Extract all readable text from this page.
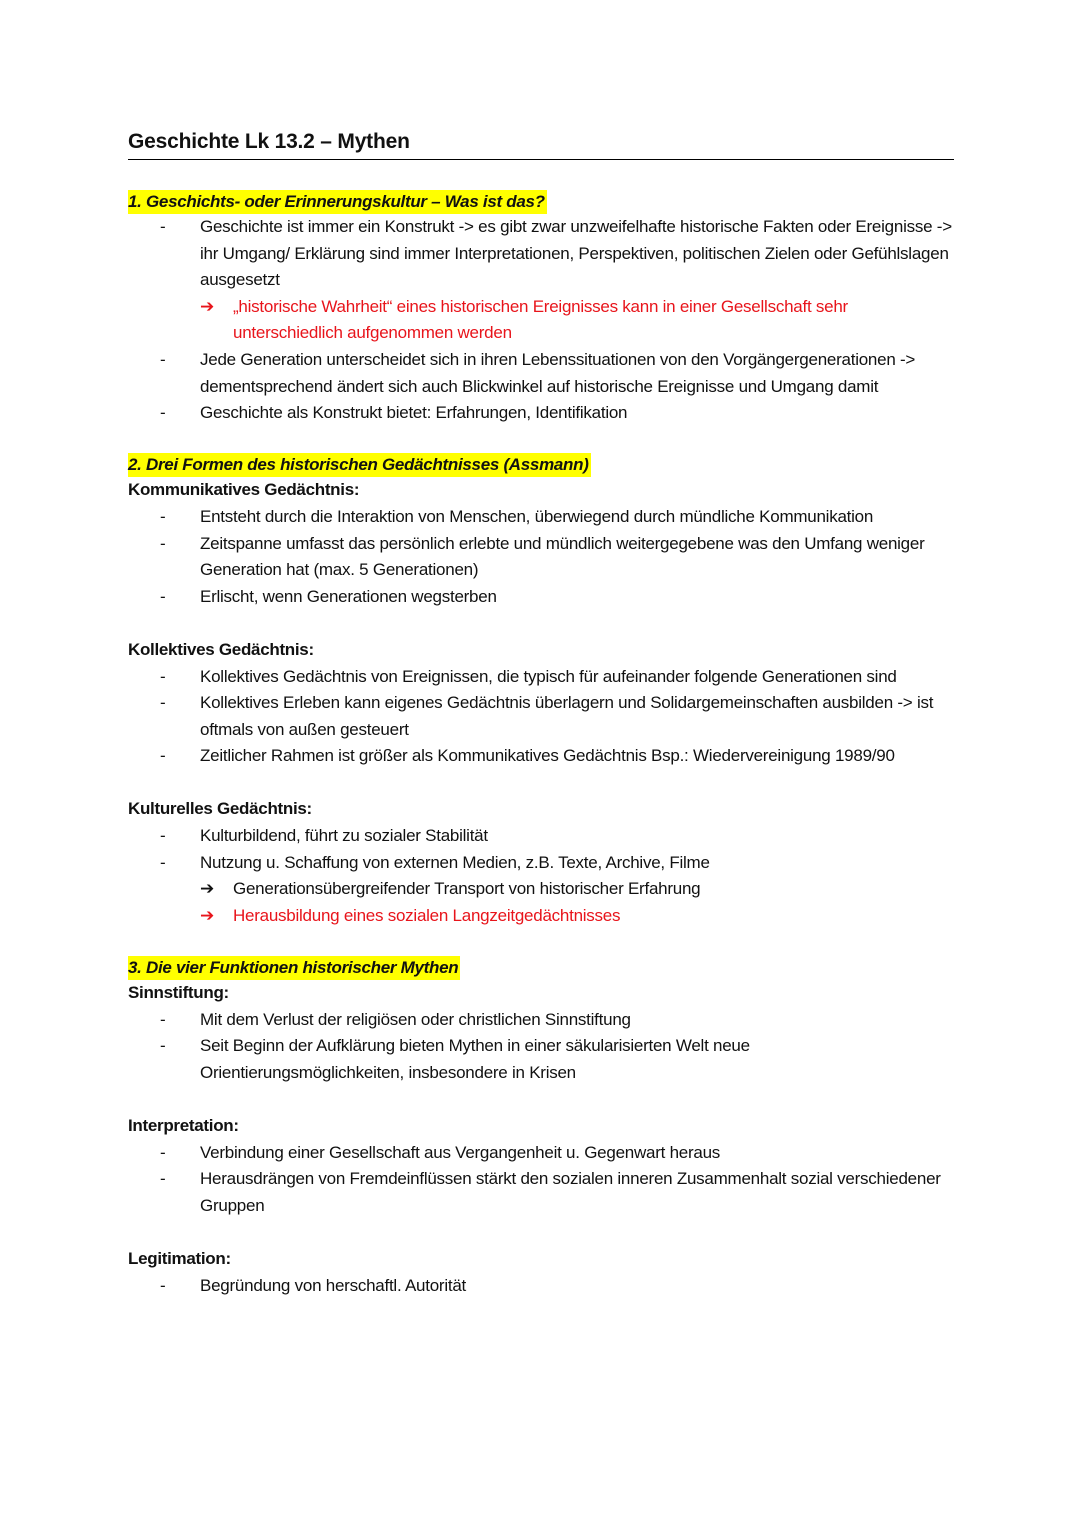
Geschichte Lk 13.2 – Mythen
1. Geschichts- oder Erinnerungskultur – Was ist das?
- Geschichte ist immer ein Konstrukt -> es gibt zwar unzweifelhafte historische Fakten oder Ereignisse -> ihr Umgang/ Erklärung sind immer Interpretationen, Perspektiven, politischen Zielen oder Gefühlslagen ausgesetzt
➔ „historische Wahrheit“ eines historischen Ereignisses kann in einer Gesellschaft sehr unterschiedlich aufgenommen werden
- Jede Generation unterscheidet sich in ihren Lebenssituationen von den Vorgängergenerationen -> dementsprechend ändert sich auch Blickwinkel auf historische Ereignisse und Umgang damit
- Geschichte als Konstrukt bietet: Erfahrungen, Identifikation
2. Drei Formen des historischen Gedächtnisses (Assmann)
Kommunikatives Gedächtnis:
- Entsteht durch die Interaktion von Menschen, überwiegend durch mündliche Kommunikation
- Zeitspanne umfasst das persönlich erlebte und mündlich weitergegebene was den Umfang weniger Generation hat (max. 5 Generationen)
- Erlischt, wenn Generationen wegsterben
Kollektives Gedächtnis:
- Kollektives Gedächtnis von Ereignissen, die typisch für aufeinander folgende Generationen sind
- Kollektives Erleben kann eigenes Gedächtnis überlagern und Solidargemeinschaften ausbilden -> ist oftmals von außen gesteuert
- Zeitlicher Rahmen ist größer als Kommunikatives Gedächtnis Bsp.: Wiedervereinigung 1989/90
Kulturelles Gedächtnis:
- Kulturbildend, führt zu sozialer Stabilität
- Nutzung u. Schaffung von externen Medien, z.B. Texte, Archive, Filme
➔ Generationsübergreifender Transport von historischer Erfahrung
➔ Herausbildung eines sozialen Langzeitgedächtnisses
3. Die vier Funktionen historischer Mythen
Sinnstiftung:
- Mit dem Verlust der religiösen oder christlichen Sinnstiftung
- Seit Beginn der Aufklärung bieten Mythen in einer säkularisierten Welt neue Orientierungsmöglichkeiten, insbesondere in Krisen
Interpretation:
- Verbindung einer Gesellschaft aus Vergangenheit u. Gegenwart heraus
- Herausdrängen von Fremdeinflüssen stärkt den sozialen inneren Zusammenhalt sozial verschiedener Gruppen
Legitimation:
- Begründung von herschaftl. Autorität
